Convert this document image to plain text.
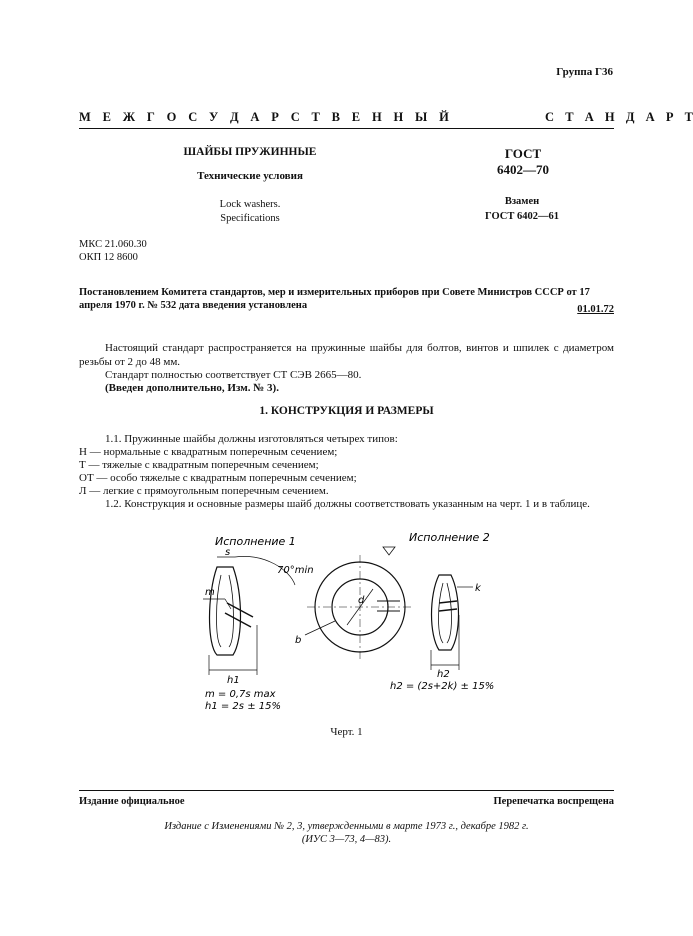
Группа Г36
М Е Ж Г О С У Д А Р С Т В Е Н Н Ы Й	С Т А Н Д А Р Т
ШАЙБЫ ПРУЖИННЫЕ
Технические условия
Lock washers.
Specifications
ГОСТ
6402—70
Взамен
ГОСТ 6402—61
МКС 21.060.30
ОКП 12 8600
Постановлением Комитета стандартов, мер и измерительных приборов при Совете Министров СССР от 17 апреля 1970 г. № 532 дата введения установлена	01.01.72
Настоящий стандарт распространяется на пружинные шайбы для болтов, винтов и шпилек с диаметром резьбы от 2 до 48 мм.
Стандарт полностью соответствует СТ СЭВ 2665—80.
(Введен дополнительно, Изм. № 3).
1. КОНСТРУКЦИЯ И РАЗМЕРЫ
1.1. Пружинные шайбы должны изготовляться четырех типов:
Н — нормальные с квадратным поперечным сечением;
Т — тяжелые с квадратным поперечным сечением;
ОТ — особо тяжелые с квадратным поперечным сечением;
Л — легкие с прямоугольным поперечным сечением.
1.2. Конструкция и основные размеры шайб должны соответствовать указанным на черт. 1 и в таблице.
Исполнение 1	Исполнение 2
s
70°min
m
h1
d
b
k
h2
m = 0,7s max
h1 = 2s ± 15%
h2 = (2s+2k) ± 15%
Черт. 1
Издание официальное	Перепечатка воспрещена
Издание с Изменениями № 2, 3, утвержденными в марте 1973 г., декабре 1982 г.
(ИУС 3—73, 4—83).
